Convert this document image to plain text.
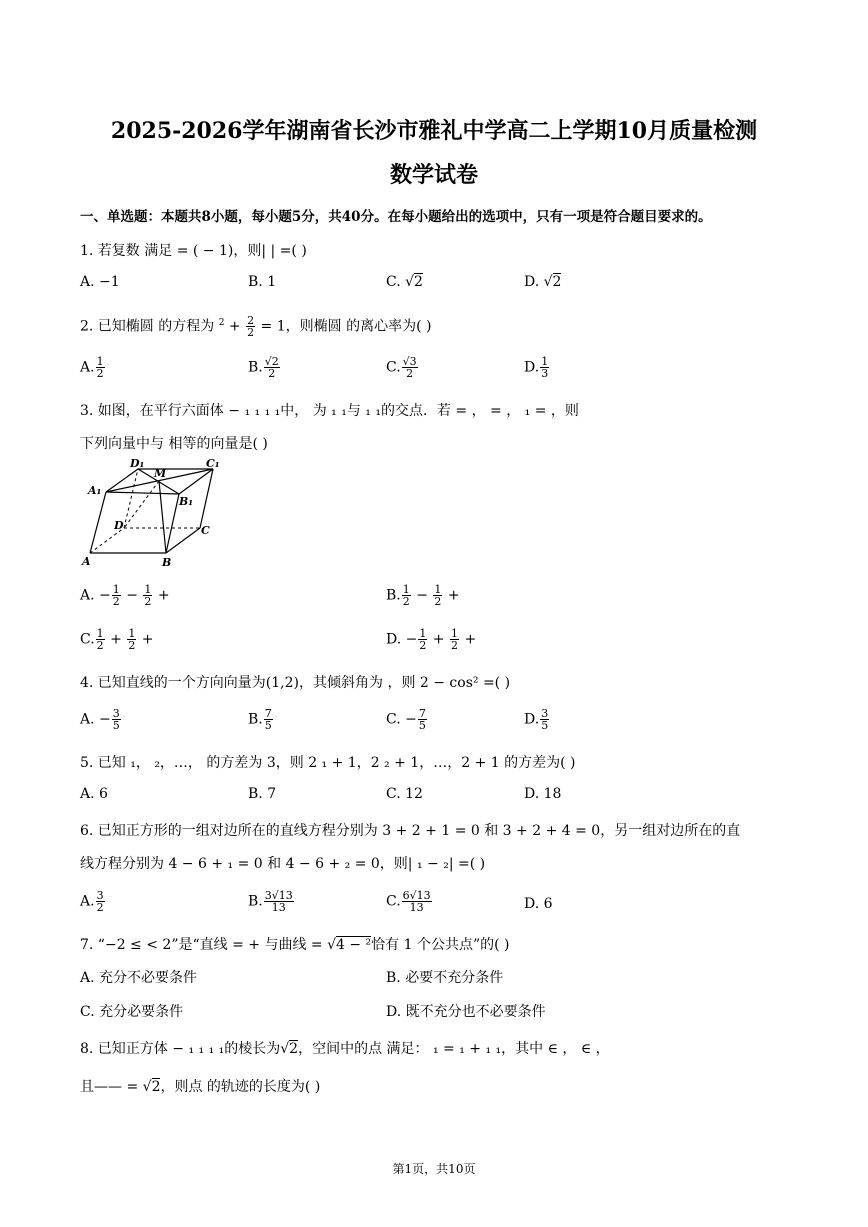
2025-2026学年湖南省长沙市雅礼中学高二上学期10月质量检测
数学试卷
一、单选题：本题共8小题，每小题5分，共40分。在每小题给出的选项中，只有一项是符合题目要求的。
1. 若复数 满足 = ( − 1)，则| | =( )
A. −1	B. 1	C. √2	D. √2
2. 已知椭圆 的方程为 $^2 + \frac{2}{2} = 1$，则椭圆 的离心率为( )
A. $\frac{1}{2}$	B. $\frac{√2}{2}$	C. $\frac{√3}{2}$	D. $\frac{1}{3}$
3. 如图，在平行六面体 − ₁ ₁ ₁ ₁中， 为 ₁ ₁与 ₁ ₁的交点．若 = ， = ， ₁ = ，则
下列向量中与 相等的向量是( )
D₁	C₁
M
A₁
B₁
D	C
A	B
A. − $\frac{1}{2} - \frac{1}{2}$ +	B. $\frac{1}{2} - \frac{1}{2}$ +
C. $\frac{1}{2} + \frac{1}{2}$ +	D. − $\frac{1}{2} + \frac{1}{2}$ +
4. 已知直线的一个方向向量为(1,2)，其倾斜角为 ，则 2 − cos² =( )
A. − $\frac{3}{5}$	B. $\frac{7}{5}$	C. − $\frac{7}{5}$	D. $\frac{3}{5}$
5. 已知 ₁， ₂，…， 的方差为 3，则 2 ₁ + 1，2 ₂ + 1，…，2 + 1 的方差为( )
A. 6	B. 7	C. 12	D. 18
6. 已知正方形的一组对边所在的直线方程分别为 3 + 2 + 1 = 0 和 3 + 2 + 4 = 0，另一组对边所在的直
线方程分别为 4 − 6 + ₁ = 0 和 4 − 6 + ₂ = 0，则| ₁ − ₂| =( )
A. $\frac{3}{2}$	B. $\frac{3√13}{13}$	C. $\frac{6√13}{13}$	D. 6
7. “−2 ≤ < 2”是“直线 = + 与曲线 = √4 − ²恰有 1 个公共点”的( )
A. 充分不必要条件	B. 必要不充分条件
C. 充分必要条件	D. 既不充分也不必要条件
8. 已知正方体 − ₁ ₁ ₁ ₁的棱长为√2，空间中的点 满足： ₁ = ₁ + ₁ ₁，其中 ∈ ， ∈ ，
且—— = √2，则点 的轨迹的长度为( )
第1页，共10页
